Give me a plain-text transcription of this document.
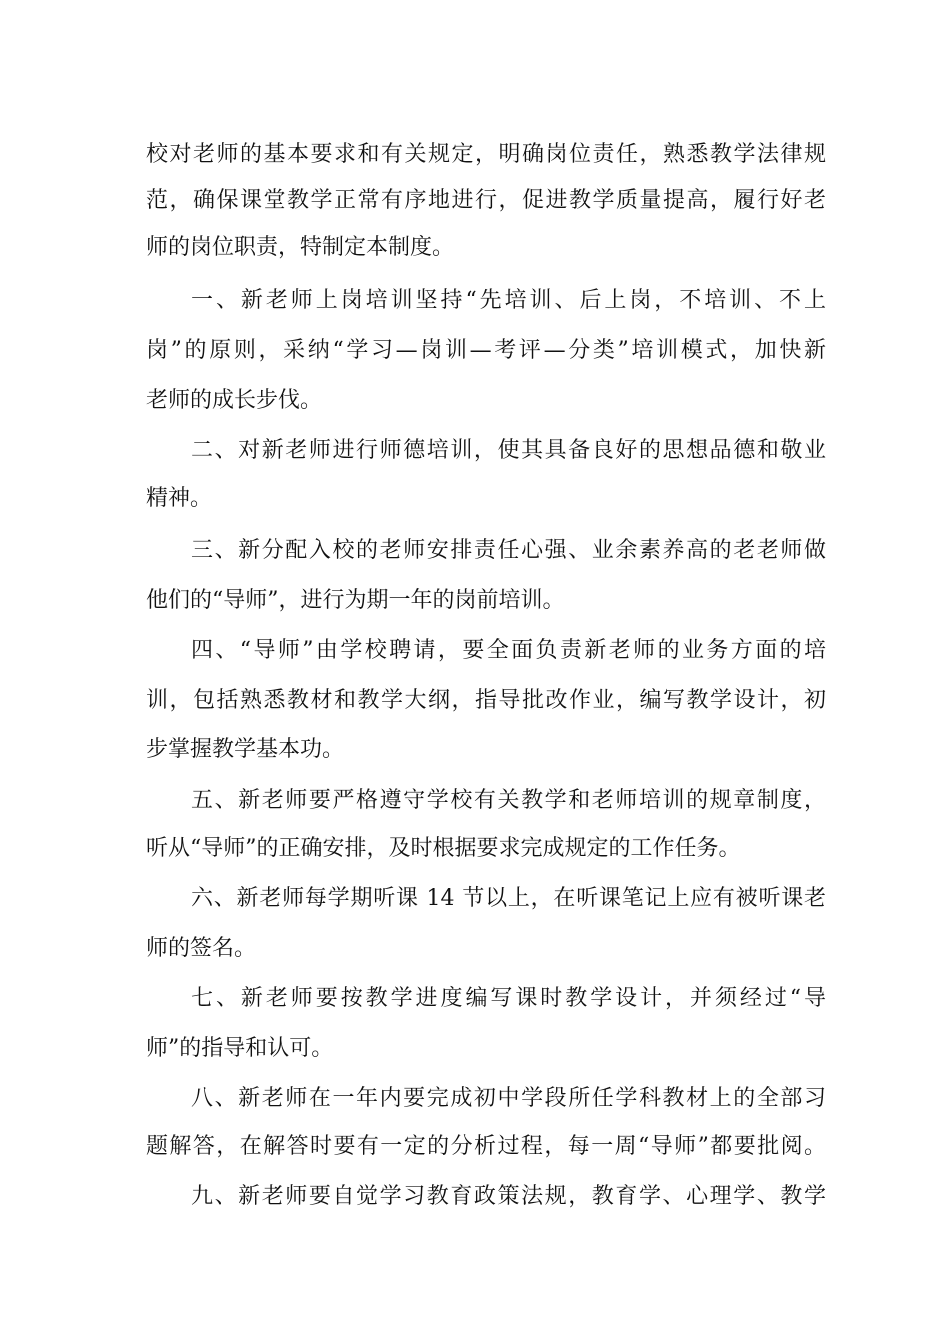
校对老师的基本要求和有关规定，明确岗位责任，熟悉教学法律规
范，确保课堂教学正常有序地进行，促进教学质量提高，履行好老
师的岗位职责，特制定本制度。
一、新老师上岗培训坚持“先培训、后上岗，不培训、不上
岗”的原则，采纳“学习—岗训—考评—分类”培训模式，加快新
老师的成长步伐。
二、对新老师进行师德培训，使其具备良好的思想品德和敬业
精神。
三、新分配入校的老师安排责任心强、业余素养高的老老师做
他们的“导师”，进行为期一年的岗前培训。
四、“导师”由学校聘请，要全面负责新老师的业务方面的培
训，包括熟悉教材和教学大纲，指导批改作业，编写教学设计，初
步掌握教学基本功。
五、新老师要严格遵守学校有关教学和老师培训的规章制度，
听从“导师”的正确安排，及时根据要求完成规定的工作任务。
六、新老师每学期听课 14 节以上，在听课笔记上应有被听课老
师的签名。
七、新老师要按教学进度编写课时教学设计，并须经过“导
师”的指导和认可。
八、新老师在一年内要完成初中学段所任学科教材上的全部习
题解答，在解答时要有一定的分析过程，每一周“导师”都要批阅。
九、新老师要自觉学习教育政策法规，教育学、心理学、教学
